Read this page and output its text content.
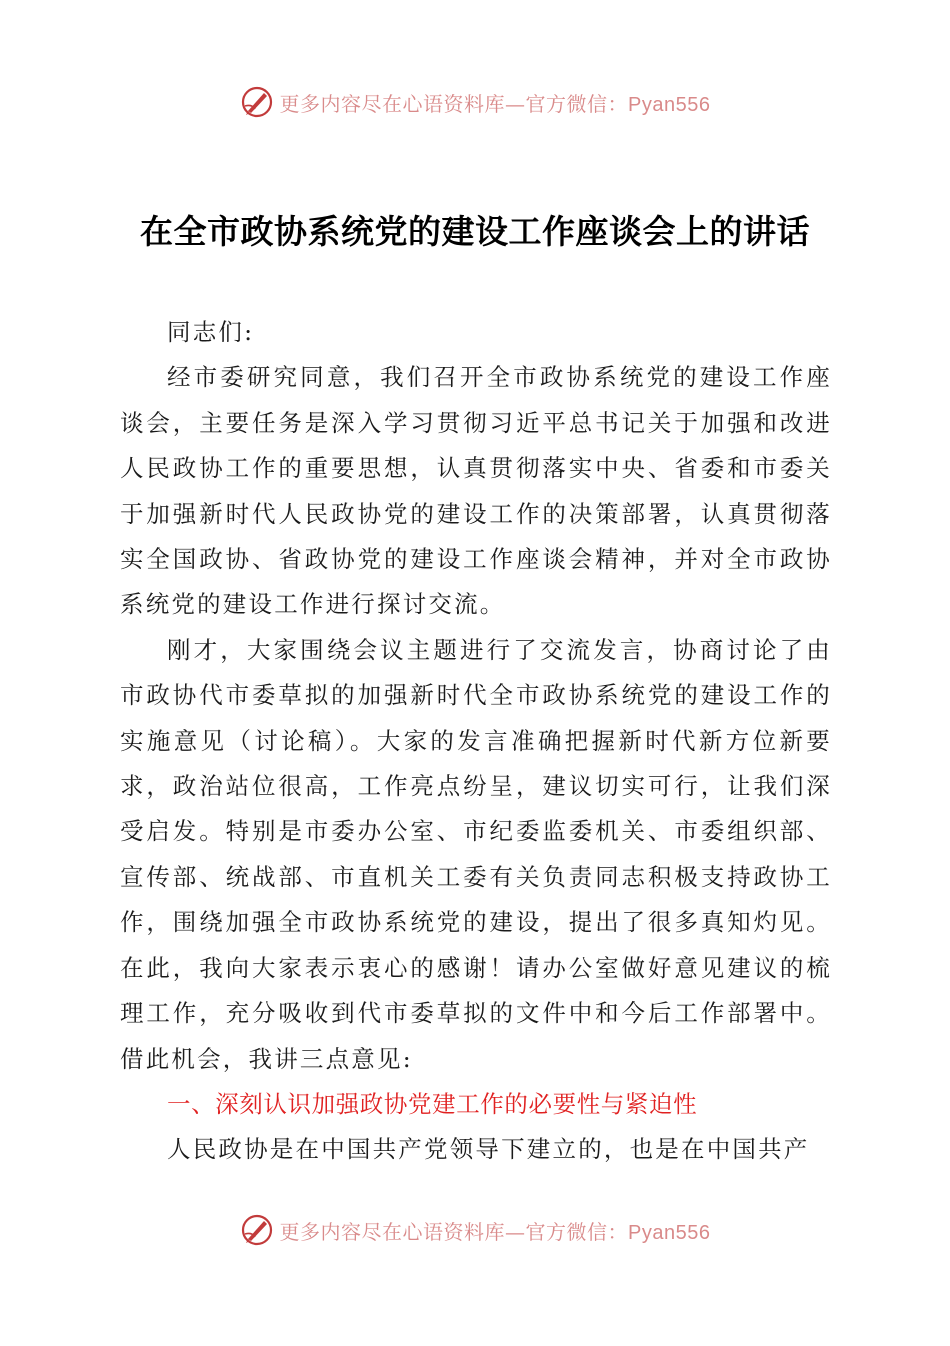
更多内容尽在心语资料库—官方微信：Pyan556
在全市政协系统党的建设工作座谈会上的讲话

同志们:

经市委研究同意，我们召开全市政协系统党的建设工作座谈会，主要任务是深入学习贯彻习近平总书记关于加强和改进人民政协工作的重要思想，认真贯彻落实中央、省委和市委关于加强新时代人民政协党的建设工作的决策部署，认真贯彻落实全国政协、省政协党的建设工作座谈会精神，并对全市政协系统党的建设工作进行探讨交流。

刚才，大家围绕会议主题进行了交流发言，协商讨论了由市政协代市委草拟的加强新时代全市政协系统党的建设工作的实施意见（讨论稿）。大家的发言准确把握新时代新方位新要求，政治站位很高，工作亮点纷呈，建议切实可行，让我们深受启发。特别是市委办公室、市纪委监委机关、市委组织部、宣传部、统战部、市直机关工委有关负责同志积极支持政协工作，围绕加强全市政协系统党的建设，提出了很多真知灼见。在此，我向大家表示衷心的感谢！请办公室做好意见建议的梳理工作，充分吸收到代市委草拟的文件中和今后工作部署中。借此机会，我讲三点意见:

一、深刻认识加强政协党建工作的必要性与紧迫性

人民政协是在中国共产党领导下建立的，也是在中国共产

更多内容尽在心语资料库—官方微信：Pyan556
